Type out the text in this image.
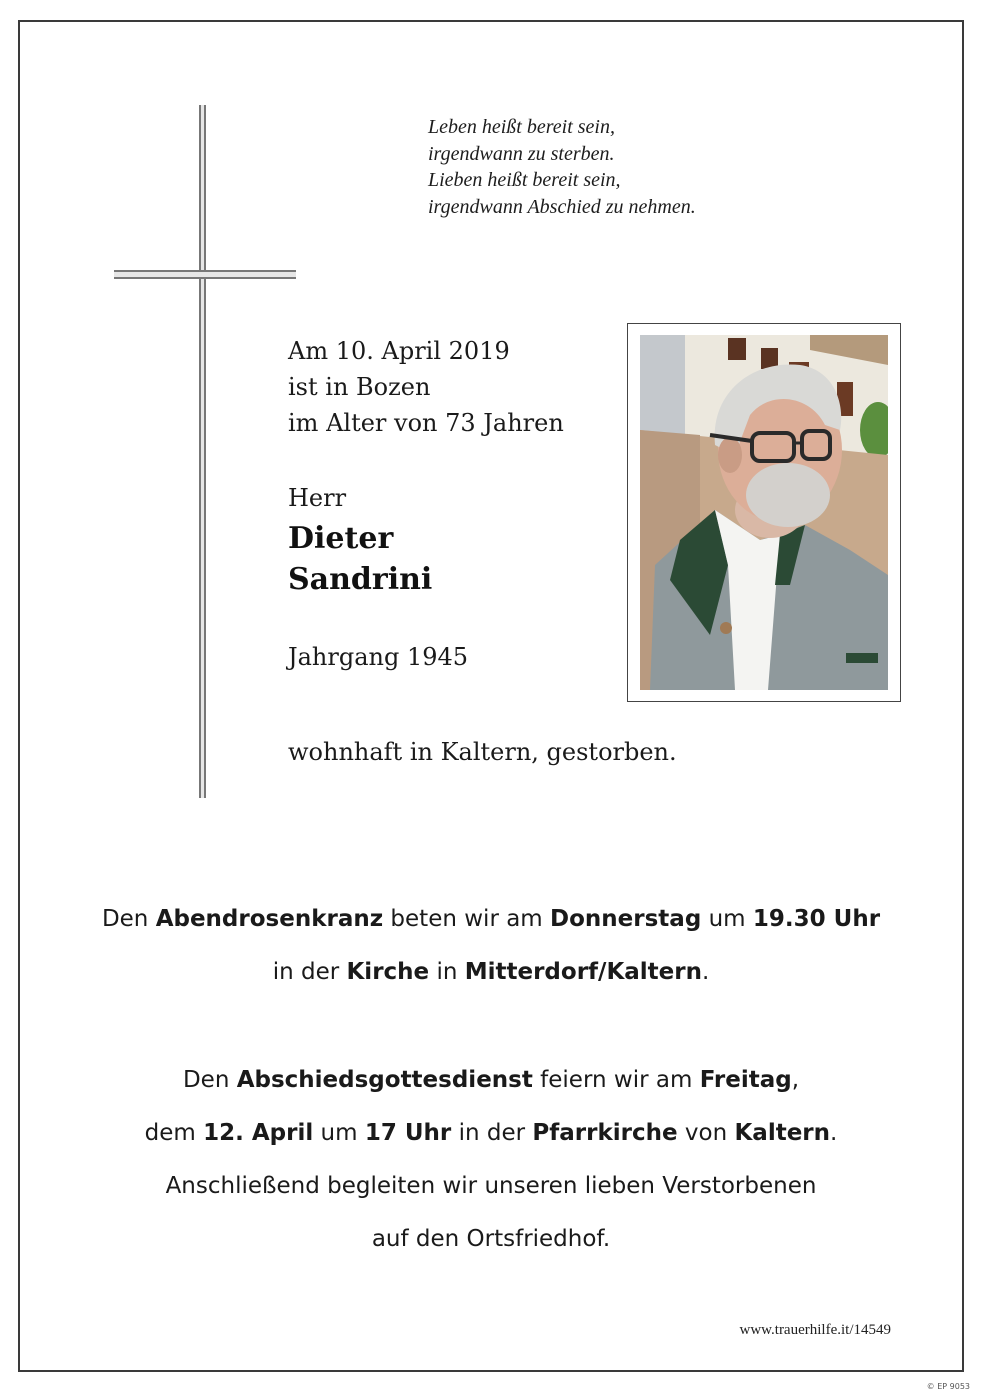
Leben heißt bereit sein,
irgendwann zu sterben.
Lieben heißt bereit sein,
irgendwann Abschied zu nehmen.
Am 10. April 2019
ist in Bozen
im Alter von 73 Jahren
Herr
Dieter
Sandrini
Jahrgang 1945
wohnhaft in Kaltern, gestorben.
Den Abendrosenkranz beten wir am Donnerstag um 19.30 Uhr
in der Kirche in Mitterdorf/Kaltern.
Den Abschiedsgottesdienst feiern wir am Freitag,
dem 12. April um 17 Uhr in der Pfarrkirche von Kaltern.
Anschließend begleiten wir unseren lieben Verstorbenen
auf den Ortsfriedhof.
www.trauerhilfe.it/14549
© EP 9053
